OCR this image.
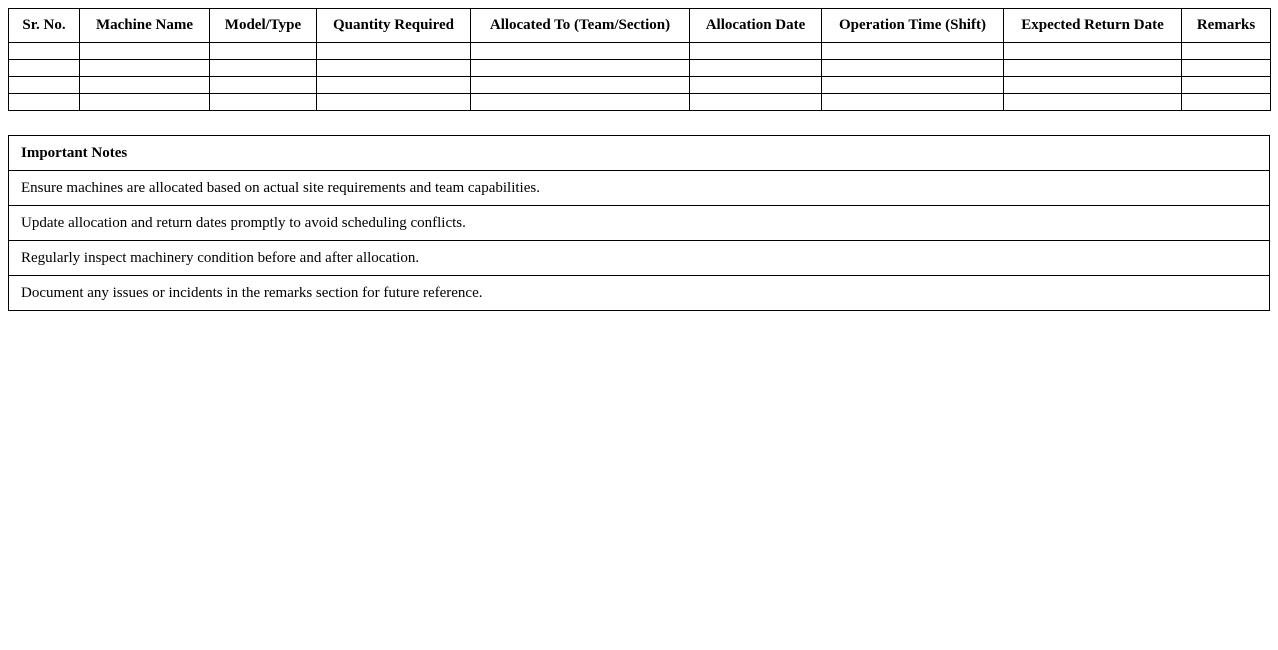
Sr. No.	Machine Name	Model/Type	Quantity Required	Allocated To (Team/Section)	Allocation Date	Operation Time (Shift)	Expected Return Date	Remarks

Important Notes
Ensure machines are allocated based on actual site requirements and team capabilities.
Update allocation and return dates promptly to avoid scheduling conflicts.
Regularly inspect machinery condition before and after allocation.
Document any issues or incidents in the remarks section for future reference.
